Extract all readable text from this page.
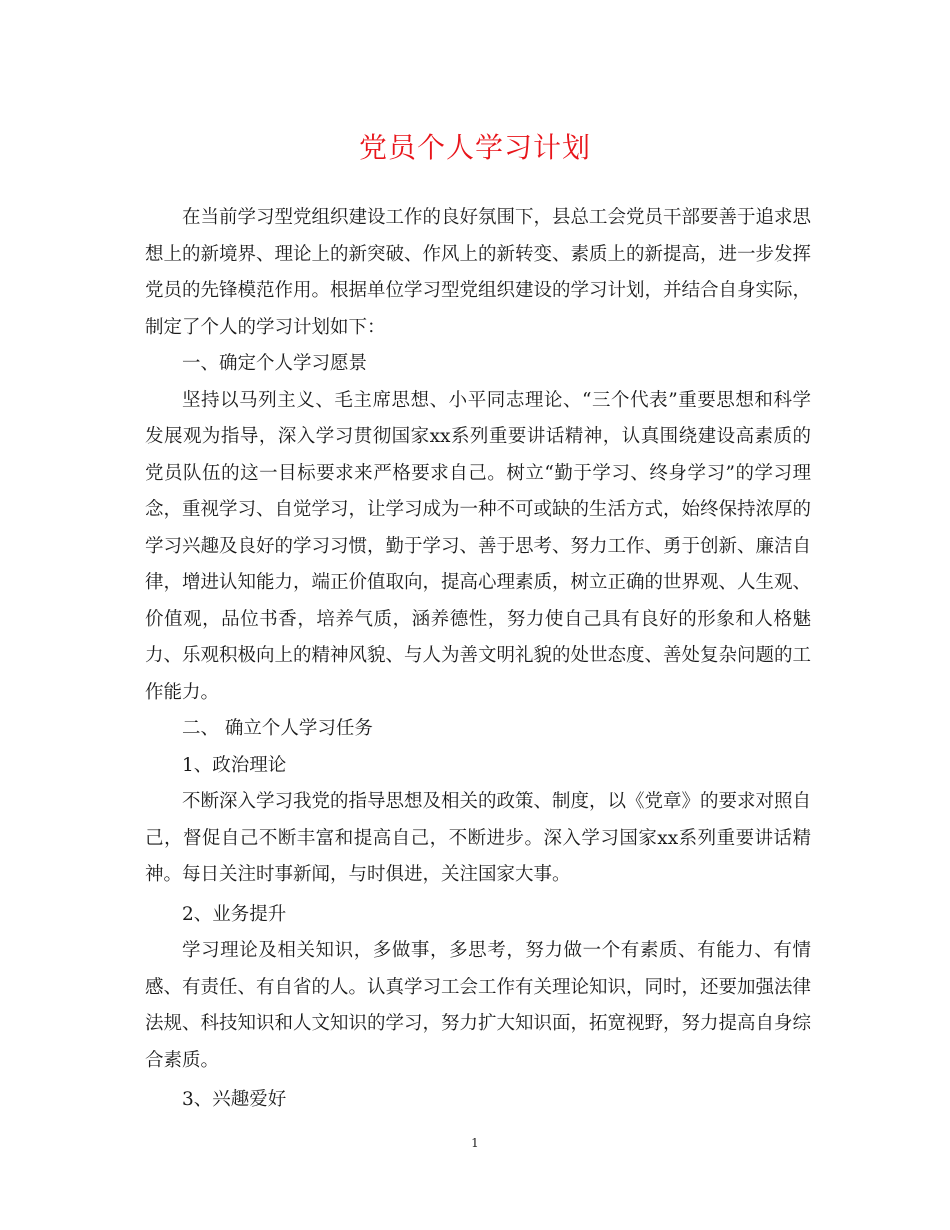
党员个人学习计划

在当前学习型党组织建设工作的良好氛围下，县总工会党员干部要善于追求思想上的新境界、理论上的新突破、作风上的新转变、素质上的新提高，进一步发挥党员的先锋模范作用。根据单位学习型党组织建设的学习计划，并结合自身实际，制定了个人的学习计划如下：

一、确定个人学习愿景

坚持以马列主义、毛主席思想、小平同志理论、“三个代表”重要思想和科学发展观为指导，深入学习贯彻国家xx系列重要讲话精神，认真围绕建设高素质的党员队伍的这一目标要求来严格要求自己。树立“勤于学习、终身学习”的学习理念，重视学习、自觉学习，让学习成为一种不可或缺的生活方式，始终保持浓厚的学习兴趣及良好的学习习惯，勤于学习、善于思考、努力工作、勇于创新、廉洁自律，增进认知能力，端正价值取向，提高心理素质，树立正确的世界观、人生观、价值观，品位书香，培养气质，涵养德性，努力使自己具有良好的形象和人格魅力、乐观积极向上的精神风貌、与人为善文明礼貌的处世态度、善处复杂问题的工作能力。

二、 确立个人学习任务

1、政治理论

不断深入学习我党的指导思想及相关的政策、制度，以《党章》的要求对照自己，督促自己不断丰富和提高自己，不断进步。深入学习国家xx系列重要讲话精神。每日关注时事新闻，与时俱进，关注国家大事。

2、业务提升

学习理论及相关知识，多做事，多思考，努力做一个有素质、有能力、有情感、有责任、有自省的人。认真学习工会工作有关理论知识，同时，还要加强法律法规、科技知识和人文知识的学习，努力扩大知识面，拓宽视野，努力提高自身综合素质。

3、兴趣爱好

1
